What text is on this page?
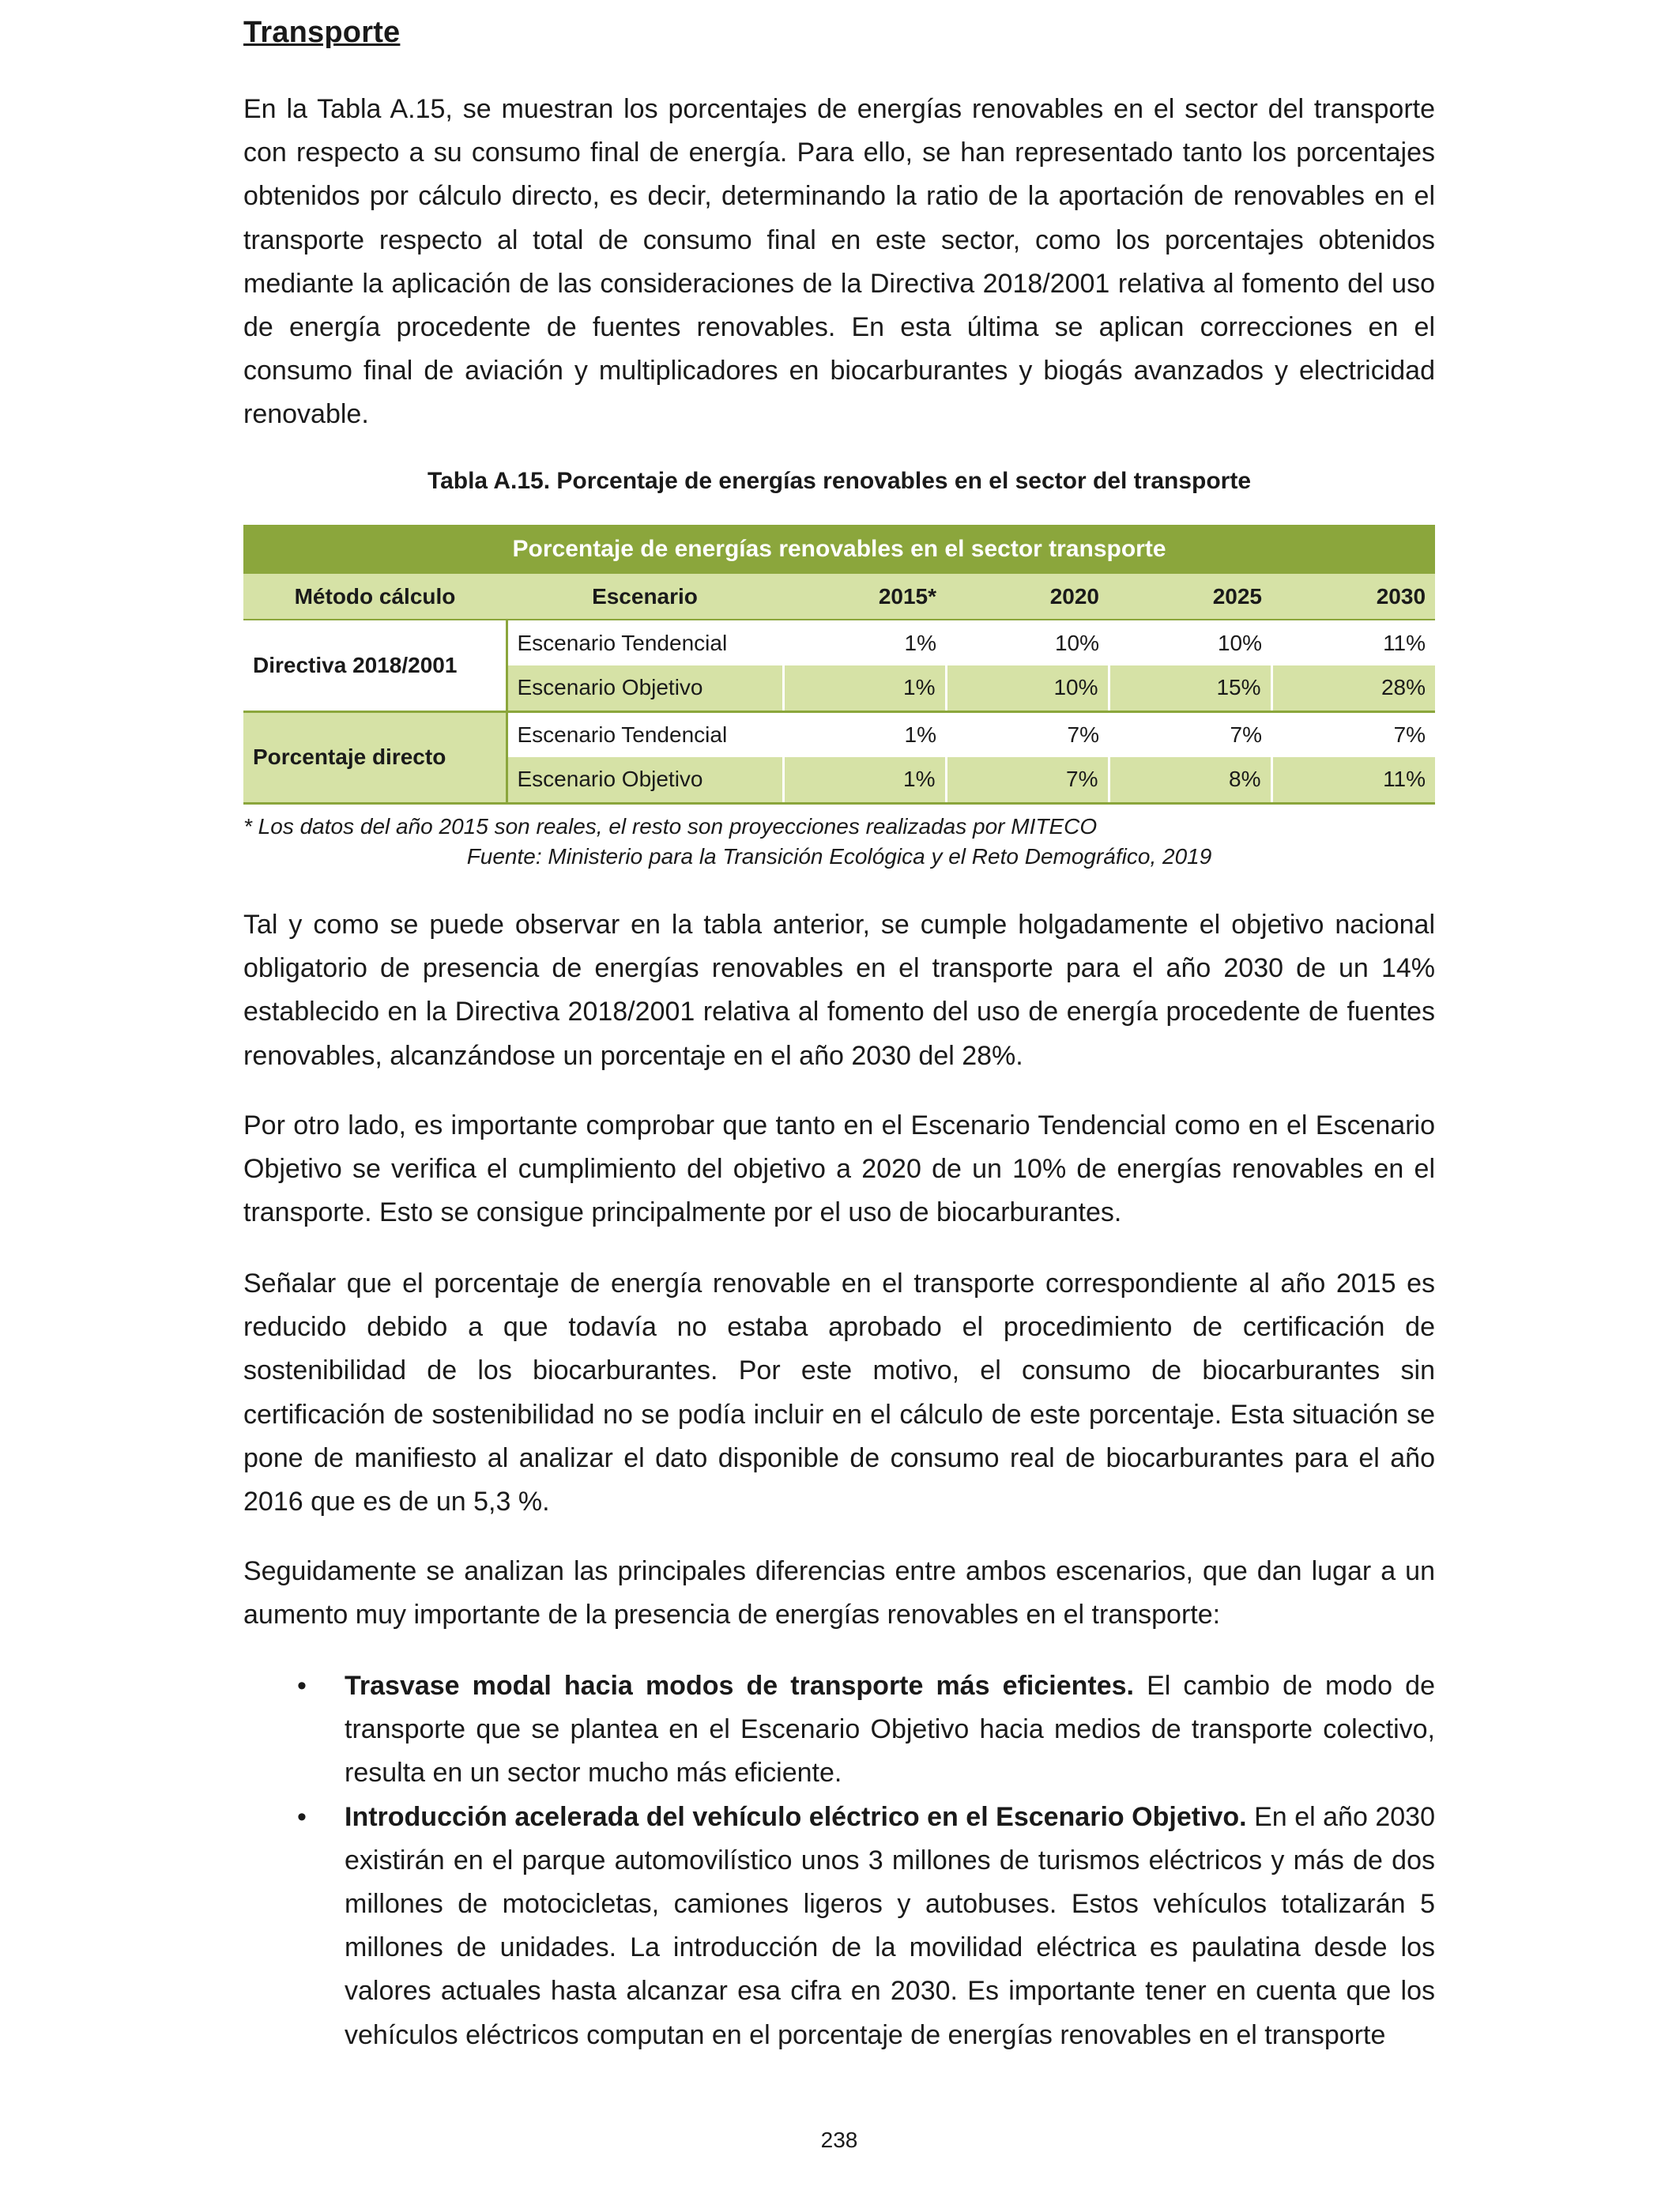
Transporte

En la Tabla A.15, se muestran los porcentajes de energías renovables en el sector del transporte con respecto a su consumo final de energía. Para ello, se han representado tanto los porcentajes obtenidos por cálculo directo, es decir, determinando la ratio de la aportación de renovables en el transporte respecto al total de consumo final en este sector, como los porcentajes obtenidos mediante la aplicación de las consideraciones de la Directiva 2018/2001 relativa al fomento del uso de energía procedente de fuentes renovables. En esta última se aplican correcciones en el consumo final de aviación y multiplicadores en biocarburantes y biogás avanzados y electricidad renovable.

Tabla A.15. Porcentaje de energías renovables en el sector del transporte
Porcentaje de energías renovables en el sector transporte					
Método cálculo	Escenario	2015*	2020	2025	2030
Directiva 2018/2001	Escenario Tendencial	1%	10%	10%	11%
	Escenario Objetivo	1%	10%	15%	28%
Porcentaje directo	Escenario Tendencial	1%	7%	7%	7%
	Escenario Objetivo	1%	7%	8%	11%
* Los datos del año 2015 son reales, el resto son proyecciones realizadas por MITECO
Fuente: Ministerio para la Transición Ecológica y el Reto Demográfico, 2019

Tal y como se puede observar en la tabla anterior, se cumple holgadamente el objetivo nacional obligatorio de presencia de energías renovables en el transporte para el año 2030 de un 14% establecido en la Directiva 2018/2001 relativa al fomento del uso de energía procedente de fuentes renovables, alcanzándose un porcentaje en el año 2030 del 28%.

Por otro lado, es importante comprobar que tanto en el Escenario Tendencial como en el Escenario Objetivo se verifica el cumplimiento del objetivo a 2020 de un 10% de energías renovables en el transporte. Esto se consigue principalmente por el uso de biocarburantes.

Señalar que el porcentaje de energía renovable en el transporte correspondiente al año 2015 es reducido debido a que todavía no estaba aprobado el procedimiento de certificación de sostenibilidad de los biocarburantes. Por este motivo, el consumo de biocarburantes sin certificación de sostenibilidad no se podía incluir en el cálculo de este porcentaje. Esta situación se pone de manifiesto al analizar el dato disponible de consumo real de biocarburantes para el año 2016 que es de un 5,3 %.

Seguidamente se analizan las principales diferencias entre ambos escenarios, que dan lugar a un aumento muy importante de la presencia de energías renovables en el transporte:

• Trasvase modal hacia modos de transporte más eficientes. El cambio de modo de transporte que se plantea en el Escenario Objetivo hacia medios de transporte colectivo, resulta en un sector mucho más eficiente.
• Introducción acelerada del vehículo eléctrico en el Escenario Objetivo. En el año 2030 existirán en el parque automovilístico unos 3 millones de turismos eléctricos y más de dos millones de motocicletas, camiones ligeros y autobuses. Estos vehículos totalizarán 5 millones de unidades. La introducción de la movilidad eléctrica es paulatina desde los valores actuales hasta alcanzar esa cifra en 2030. Es importante tener en cuenta que los vehículos eléctricos computan en el porcentaje de energías renovables en el transporte
238
